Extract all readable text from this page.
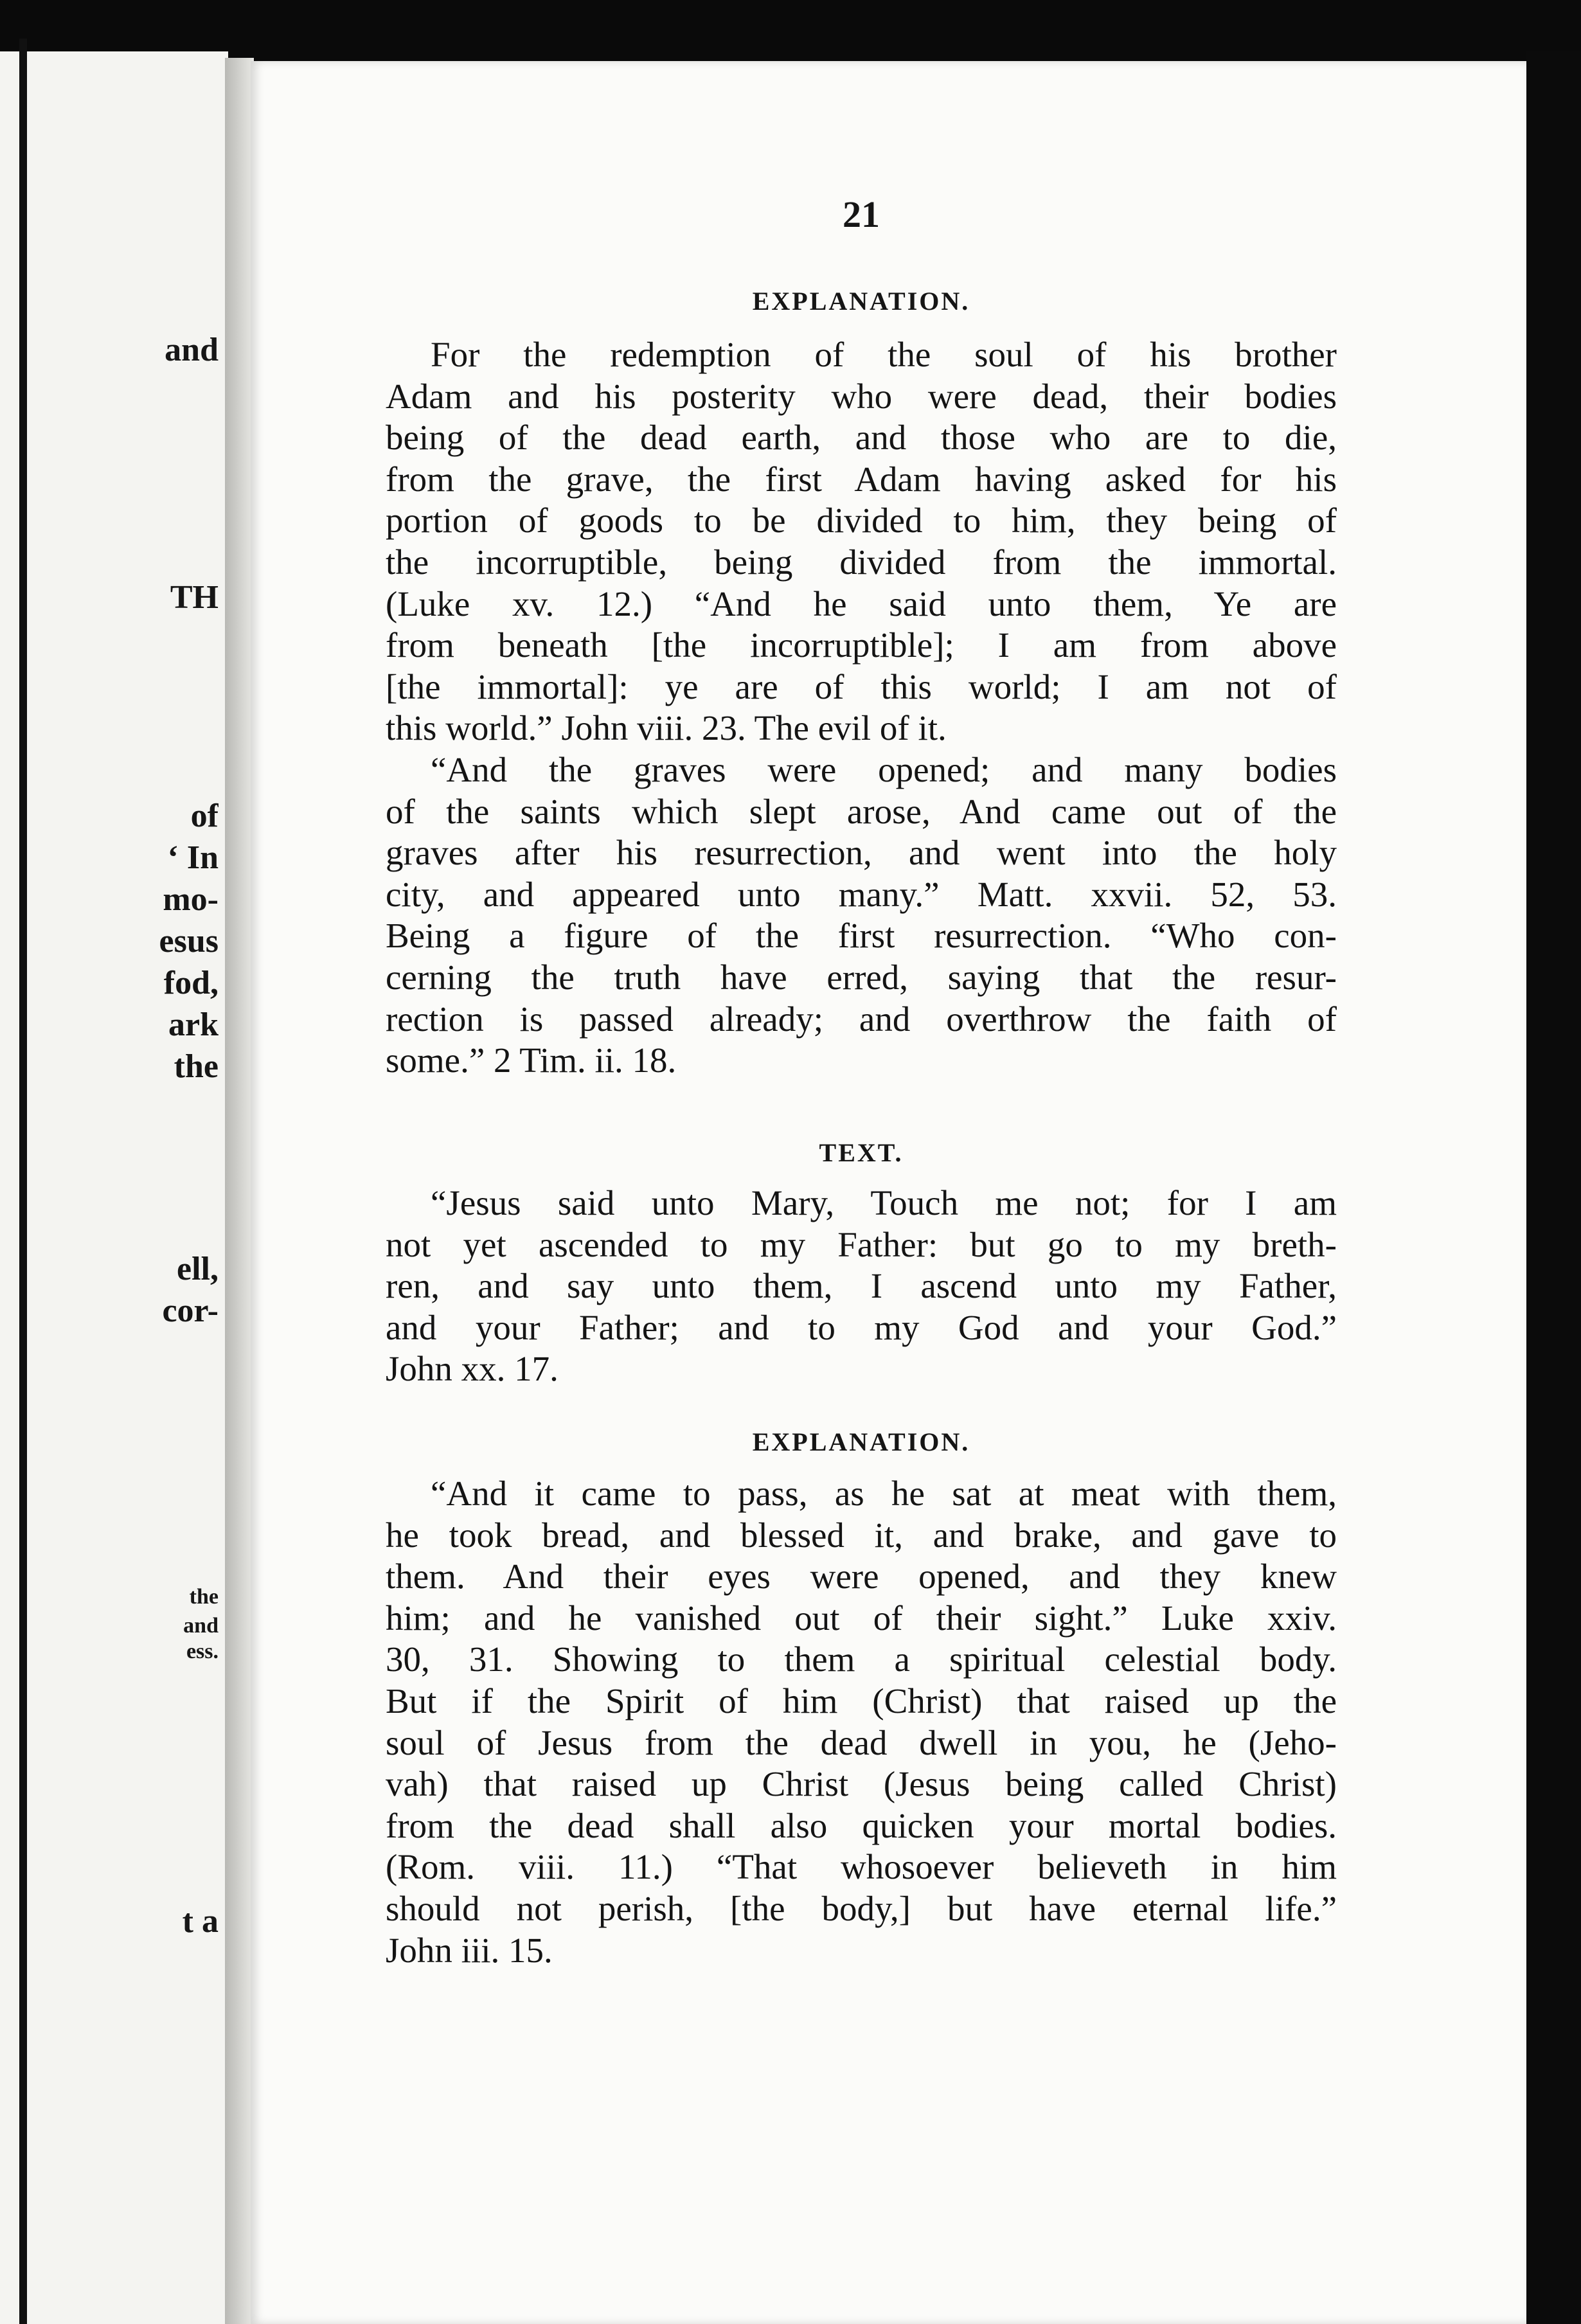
and
TH
of
‘ In
mo-
esus
fod,
ark
the
ell,
cor-
the
and
ess.
t a
21
EXPLANATION.
For the redemption of the soul of his brother
Adam and his posterity who were dead, their bodies
being of the dead earth, and those who are to die,
from the grave, the first Adam having asked for his
portion of goods to be divided to him, they being of
the incorruptible, being divided from the immortal.
(Luke xv. 12.) “And he said unto them, Ye are
from beneath [the incorruptible]; I am from above
[the immortal]: ye are of this world; I am not of
this world.” John viii. 23. The evil of it.
“And the graves were opened; and many bodies
of the saints which slept arose, And came out of the
graves after his resurrection, and went into the holy
city, and appeared unto many.” Matt. xxvii. 52, 53.
Being a figure of the first resurrection. “Who con-
cerning the truth have erred, saying that the resur-
rection is passed already; and overthrow the faith of
some.” 2 Tim. ii. 18.
TEXT.
“Jesus said unto Mary, Touch me not; for I am
not yet ascended to my Father: but go to my breth-
ren, and say unto them, I ascend unto my Father,
and your Father; and to my God and your God.”
John xx. 17.
EXPLANATION.
“And it came to pass, as he sat at meat with them,
he took bread, and blessed it, and brake, and gave to
them. And their eyes were opened, and they knew
him; and he vanished out of their sight.” Luke xxiv.
30, 31. Showing to them a spiritual celestial body.
But if the Spirit of him (Christ) that raised up the
soul of Jesus from the dead dwell in you, he (Jeho-
vah) that raised up Christ (Jesus being called Christ)
from the dead shall also quicken your mortal bodies.
(Rom. viii. 11.) “That whosoever believeth in him
should not perish, [the body,] but have eternal life.”
John iii. 15.
